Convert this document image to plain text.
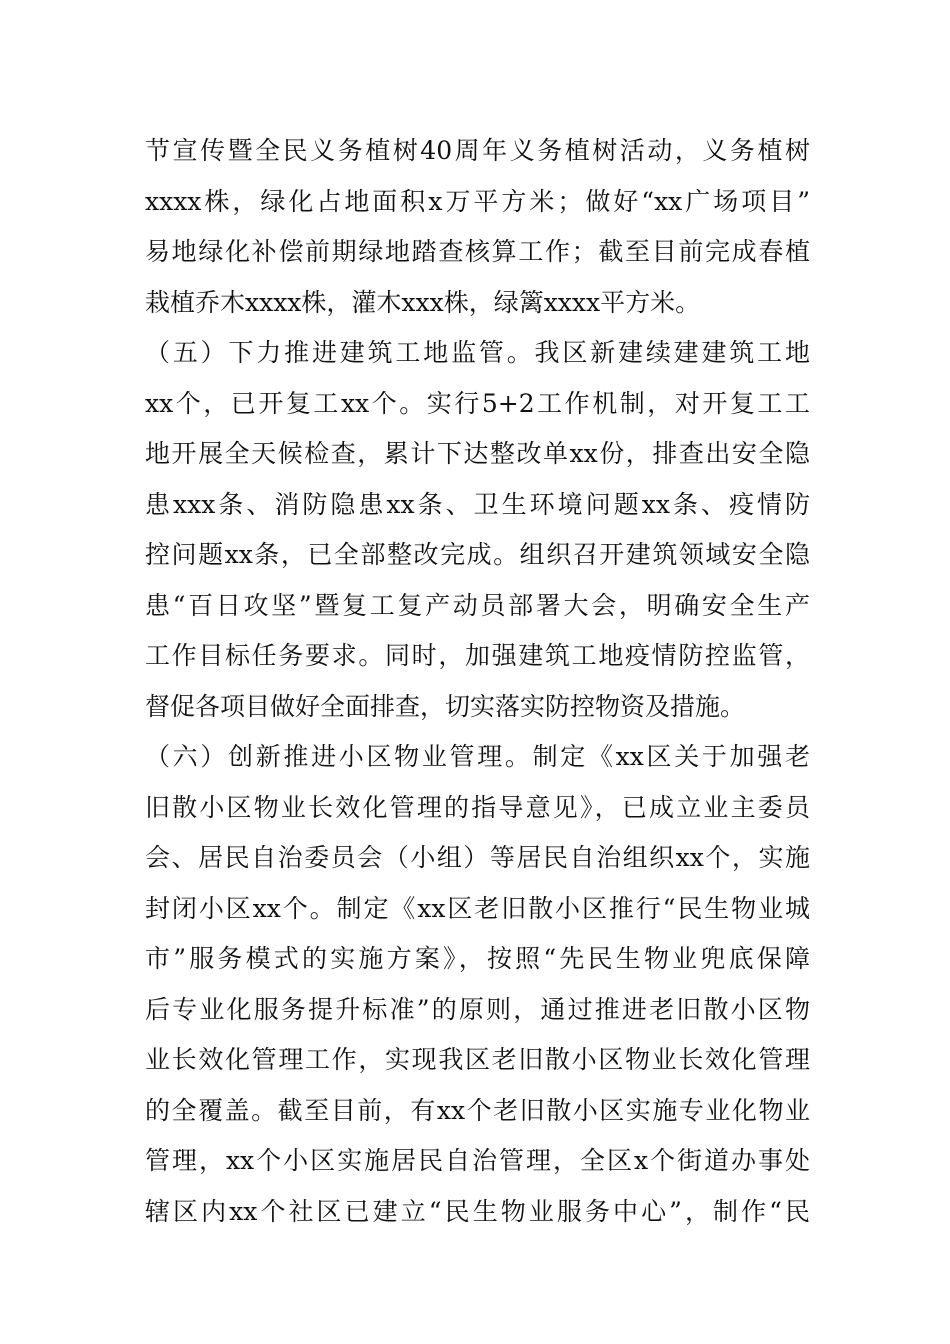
节宣传暨全民义务植树40周年义务植树活动，义务植树
xxxx株，绿化占地面积x万平方米；做好“xx广场项目”
易地绿化补偿前期绿地踏查核算工作；截至目前完成春植
栽植乔木xxxx株，灌木xxx株，绿篱xxxx平方米。
（五）下力推进建筑工地监管。我区新建续建建筑工地
xx个，已开复工xx个。实行5+2工作机制，对开复工工
地开展全天候检查，累计下达整改单xx份，排查出安全隐
患xxx条、消防隐患xx条、卫生环境问题xx条、疫情防
控问题xx条，已全部整改完成。组织召开建筑领域安全隐
患“百日攻坚”暨复工复产动员部署大会，明确安全生产
工作目标任务要求。同时，加强建筑工地疫情防控监管，
督促各项目做好全面排查，切实落实防控物资及措施。
（六）创新推进小区物业管理。制定《xx区关于加强老
旧散小区物业长效化管理的指导意见》，已成立业主委员
会、居民自治委员会（小组）等居民自治组织xx个，实施
封闭小区xx个。制定《xx区老旧散小区推行“民生物业城
市”服务模式的实施方案》，按照“先民生物业兜底保障
后专业化服务提升标准”的原则，通过推进老旧散小区物
业长效化管理工作，实现我区老旧散小区物业长效化管理
的全覆盖。截至目前，有xx个老旧散小区实施专业化物业
管理，xx个小区实施居民自治管理，全区x个街道办事处
辖区内xx个社区已建立“民生物业服务中心”，制作“民
